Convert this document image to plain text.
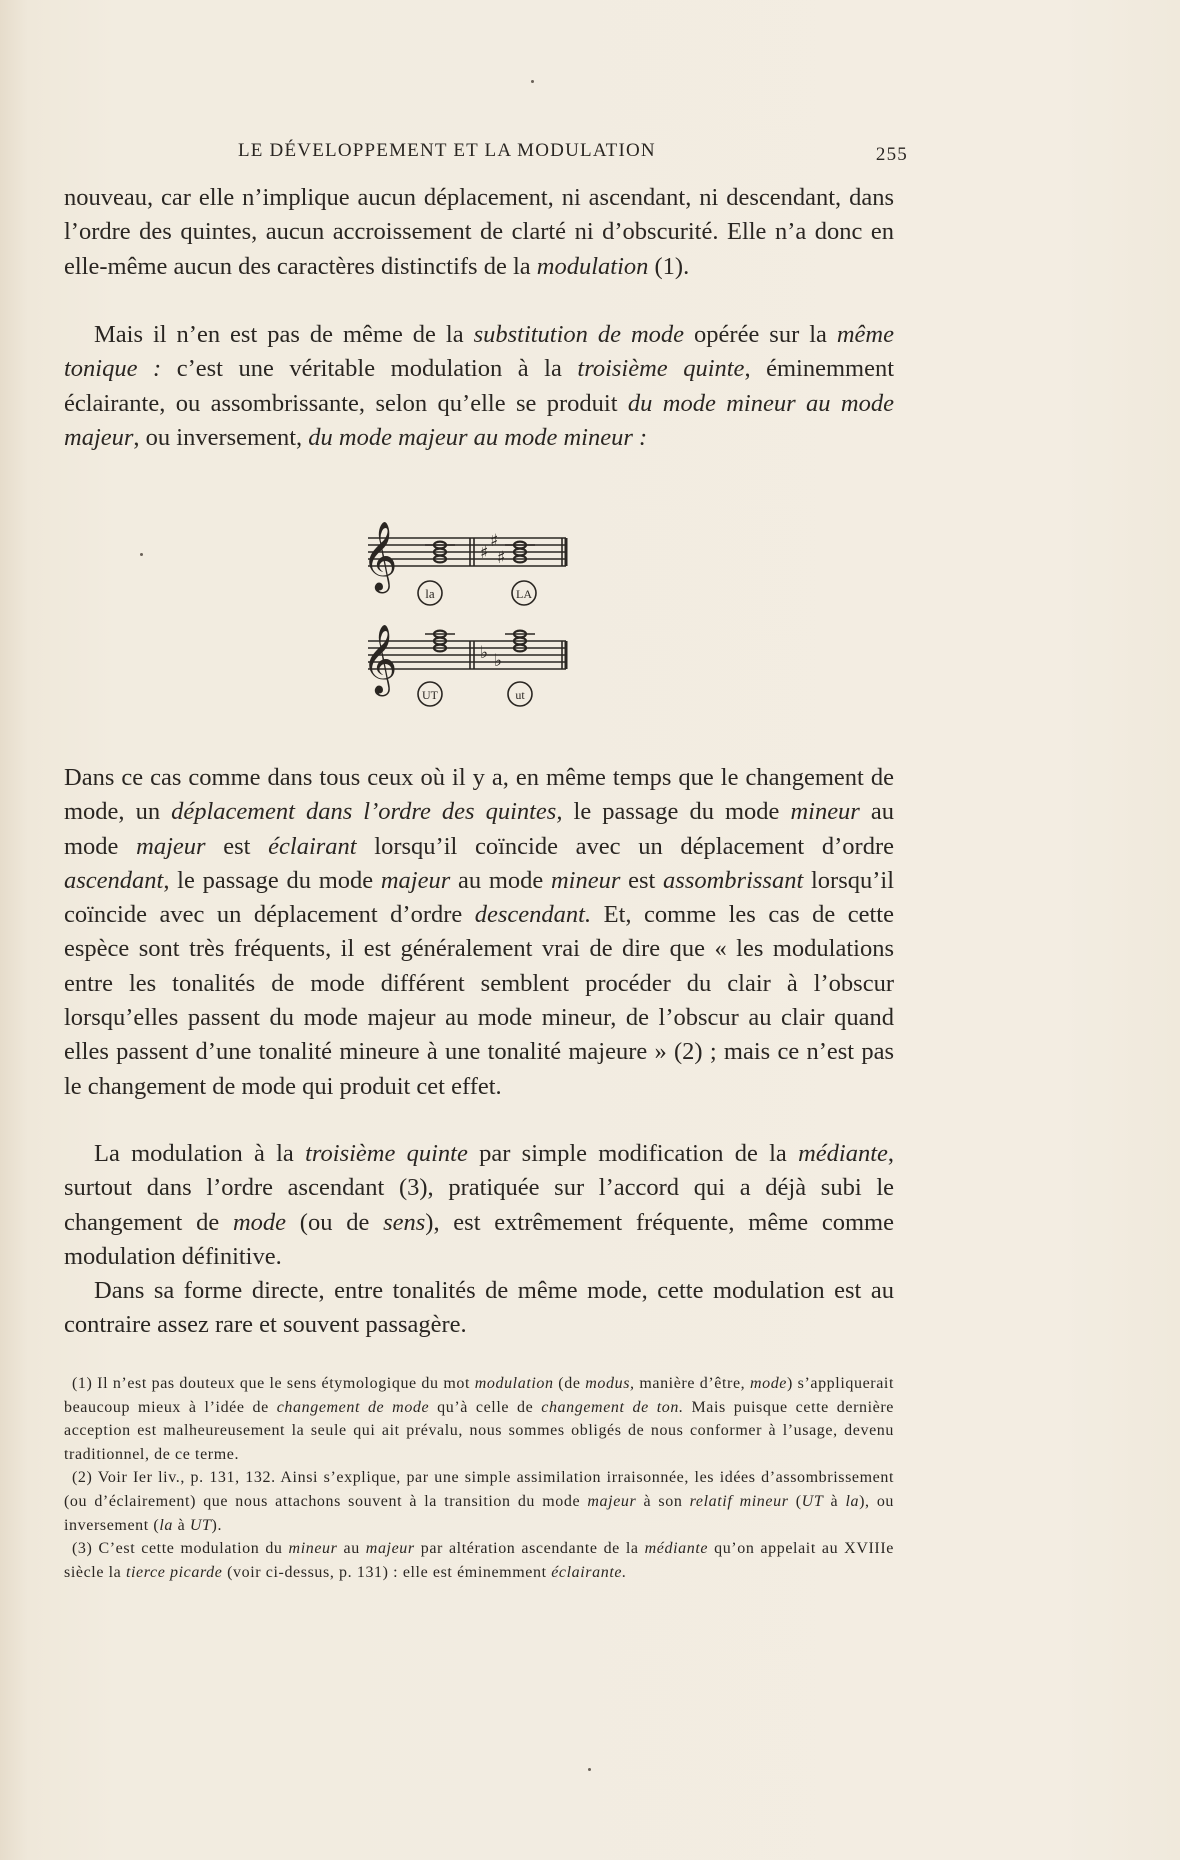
LE DÉVELOPPEMENT ET LA MODULATION	255

nouveau, car elle n’implique aucun déplacement, ni ascendant, ni descendant, dans l’ordre des quintes, aucun accroissement de clarté ni d’obscurité. Elle n’a donc en elle-même aucun des caractères distinctifs de la modulation (1).

Mais il n’en est pas de même de la substitution de mode opérée sur la même tonique : c’est une véritable modulation à la troisième quinte, éminemment éclairante, ou assombrissante, selon qu’elle se produit du mode mineur au mode majeur, ou inversement, du mode majeur au mode mineur :

𝄞	♯
♯
♯
la	LA
𝄞	♭ ♭
UT	ut

Dans ce cas comme dans tous ceux où il y a, en même temps que le changement de mode, un déplacement dans l’ordre des quintes, le passage du mode mineur au mode majeur est éclairant lorsqu’il coïncide avec un déplacement d’ordre ascendant, le passage du mode majeur au mode mineur est assombrissant lorsqu’il coïncide avec un déplacement d’ordre descendant. Et, comme les cas de cette espèce sont très fréquents, il est généralement vrai de dire que « les modulations entre les tonalités de mode différent semblent procéder du clair à l’obscur lorsqu’elles passent du mode majeur au mode mineur, de l’obscur au clair quand elles passent d’une tonalité mineure à une tonalité majeure » (2) ; mais ce n’est pas le changement de mode qui produit cet effet.

La modulation à la troisième quinte par simple modification de la médiante, surtout dans l’ordre ascendant (3), pratiquée sur l’accord qui a déjà subi le changement de mode (ou de sens), est extrêmement fréquente, même comme modulation définitive.

Dans sa forme directe, entre tonalités de même mode, cette modulation est au contraire assez rare et souvent passagère.

(1) Il n’est pas douteux que le sens étymologique du mot modulation (de modus, manière d’être, mode) s’appliquerait beaucoup mieux à l’idée de changement de mode qu’à celle de changement de ton. Mais puisque cette dernière acception est malheureusement la seule qui ait prévalu, nous sommes obligés de nous conformer à l’usage, devenu traditionnel, de ce terme.

(2) Voir Ier liv., p. 131, 132. Ainsi s’explique, par une simple assimilation irraisonnée, les idées d’assombrissement (ou d’éclairement) que nous attachons souvent à la transition du mode majeur à son relatif mineur (UT à la), ou inversement (la à UT).

(3) C’est cette modulation du mineur au majeur par altération ascendante de la médiante qu’on appelait au XVIIIe siècle la tierce picarde (voir ci-dessus, p. 131) : elle est éminemment éclairante.
